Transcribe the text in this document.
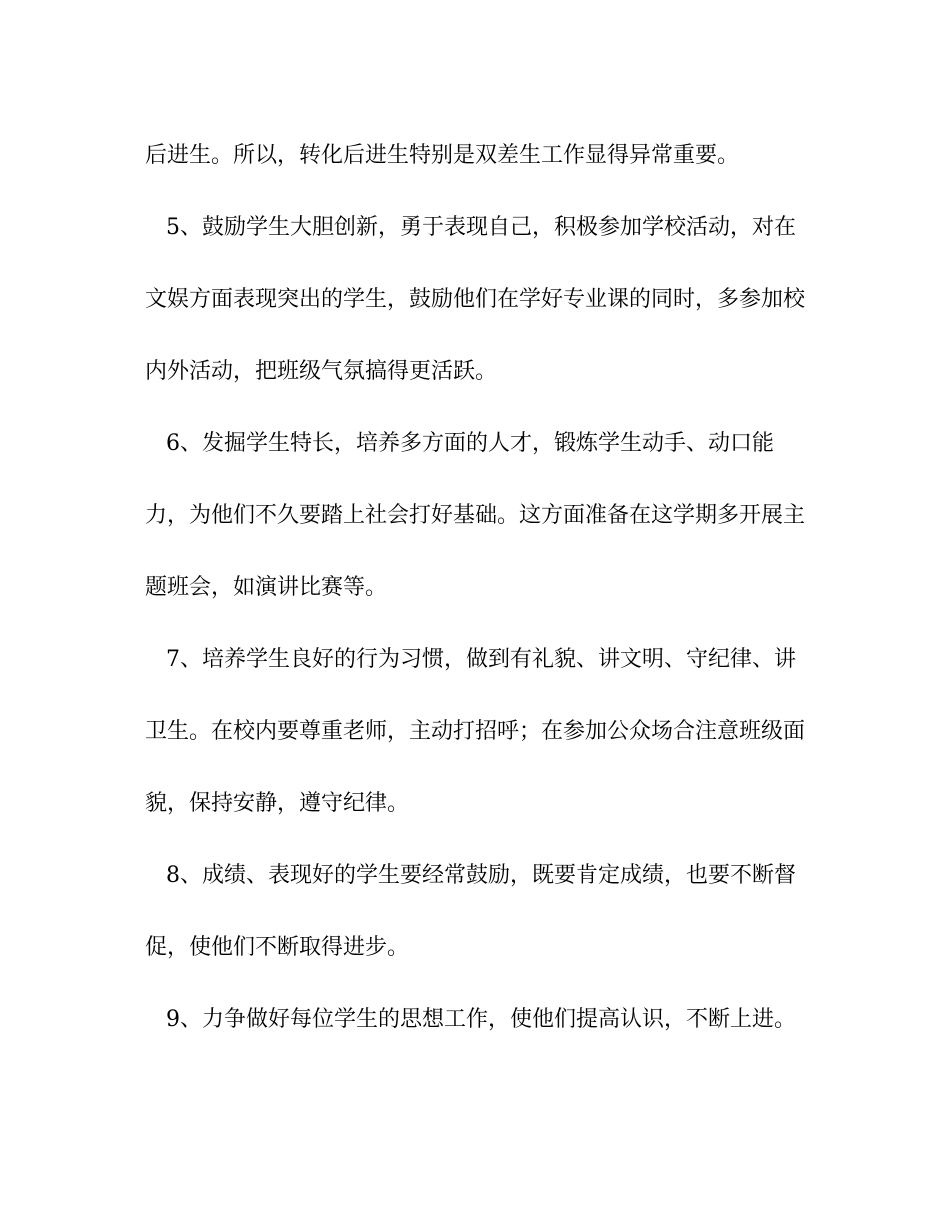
后进生。所以，转化后进生特别是双差生工作显得异常重要。
5、鼓励学生大胆创新，勇于表现自己，积极参加学校活动，对在
文娱方面表现突出的学生，鼓励他们在学好专业课的同时，多参加校
内外活动，把班级气氛搞得更活跃。
6、发掘学生特长，培养多方面的人才，锻炼学生动手、动口能
力，为他们不久要踏上社会打好基础。这方面准备在这学期多开展主
题班会，如演讲比赛等。
7、培养学生良好的行为习惯，做到有礼貌、讲文明、守纪律、讲
卫生。在校内要尊重老师，主动打招呼；在参加公众场合注意班级面
貌，保持安静，遵守纪律。
8、成绩、表现好的学生要经常鼓励，既要肯定成绩，也要不断督
促，使他们不断取得进步。
9、力争做好每位学生的思想工作，使他们提高认识，不断上进。
